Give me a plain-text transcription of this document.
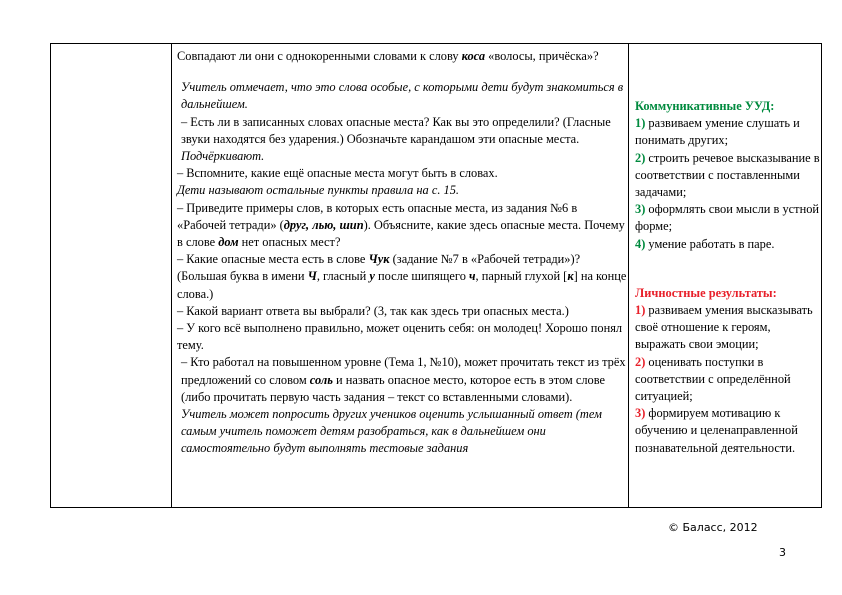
Совпадают ли они с однокоренными словами к слову коса «волосы, причёска»?

Учитель отмечает, что это слова особые, с которыми дети будут знакомиться в дальнейшем.

– Есть ли в записанных словах опасные места? Как вы это определили? (Гласные звуки находятся без ударения.) Обозначьте карандашом эти опасные места.

Подчёркивают.

– Вспомните, какие ещё опасные места могут быть в словах.

Дети называют остальные пункты правила на с. 15.

– Приведите примеры слов, в которых есть опасные места, из задания №6 в «Рабочей тетради» (друг, лью, шип). Объясните, какие здесь опасные места. Почему в слове дом нет опасных мест?

– Какие опасные места есть в слове Чук (задание №7 в «Рабочей тетради»)? (Большая буква в имени Ч, гласный у после шипящего ч, парный глухой [к] на конце слова.)

– Какой вариант ответа вы выбрали? (3, так как здесь три опасных места.)

– У кого всё выполнено правильно, может оценить себя: он молодец! Хорошо понял тему.

– Кто работал на повышенном уровне (Тема 1, №10), может прочитать текст из трёх предложений со словом соль и назвать опасное место, которое есть в этом слове (либо прочитать первую часть задания – текст со вставленными словами).

Учитель может попросить других учеников оценить услышанный ответ (тем самым учитель поможет детям разобраться, как в дальнейшем они самостоятельно будут выполнять тестовые задания

Коммуникативные УУД:

1) развиваем умение слушать и понимать других;

2) строить речевое высказывание в соответствии с поставленными задачами;

3) оформлять свои мысли в устной форме;

4) умение работать в паре.

Личностные результаты:

1) развиваем умения высказывать своё отношение к героям, выражать свои эмоции;

2) оценивать поступки в соответствии с определённой ситуацией;

3) формируем мотивацию к обучению и целенаправленной познавательной деятельности.

© Баласс, 2012
3
